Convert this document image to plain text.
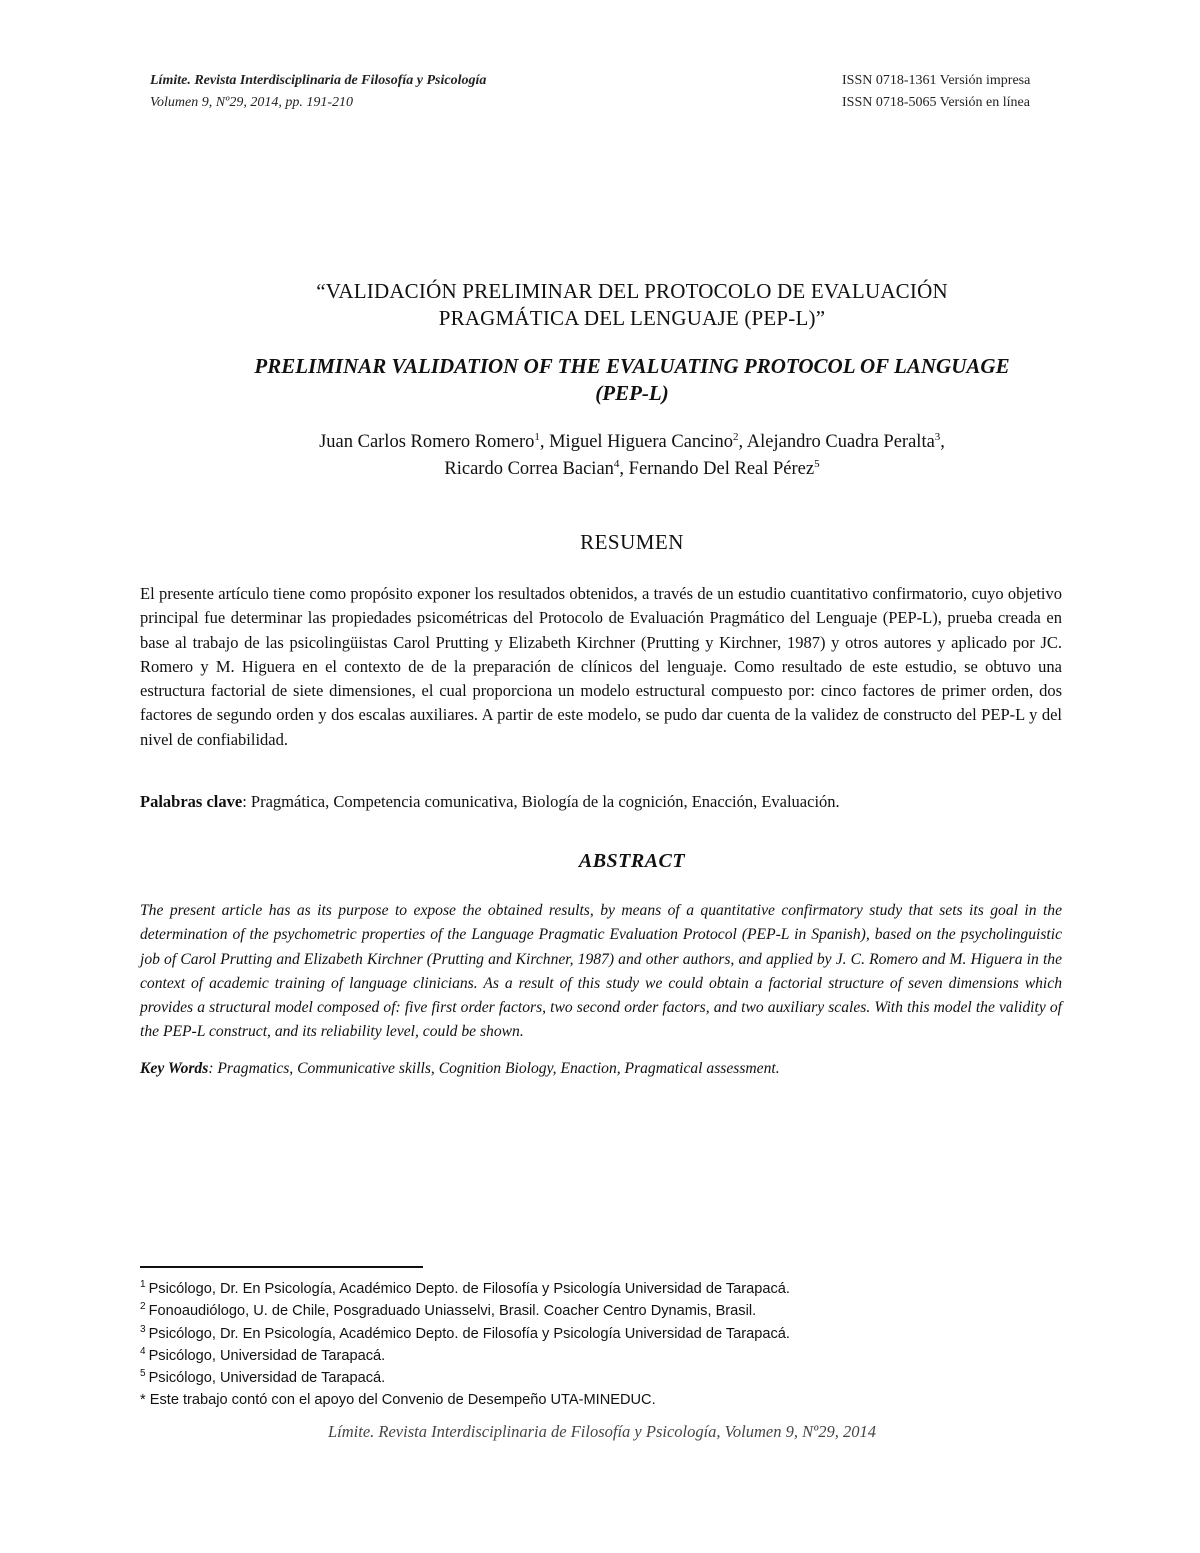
Límite. Revista Interdisciplinaria de Filosofía y Psicología
Volumen 9, Nº29, 2014, pp. 191-210
ISSN 0718-1361 Versión impresa
ISSN 0718-5065 Versión en línea
“VALIDACIÓN PRELIMINAR DEL PROTOCOLO DE EVALUACIÓN
PRAGMÁTICA DEL LENGUAJE (PEP-L)”
PRELIMINAR VALIDATION OF THE EVALUATING PROTOCOL OF LANGUAGE
(PEP-L)
Juan Carlos Romero Romero$^1$, Miguel Higuera Cancino$^2$, Alejandro Cuadra Peralta$^3$,
Ricardo Correa Bacian$^4$, Fernando Del Real Pérez$^5$
RESUMEN
El presente artículo tiene como propósito exponer los resultados obtenidos, a través de un estudio cuantitativo confirmatorio, cuyo objetivo principal fue determinar las propiedades psicométricas del Protocolo de Evaluación Pragmático del Lenguaje (PEP-L), prueba creada en base al trabajo de las psicolingüistas Carol Prutting y Elizabeth Kirchner (Prutting y Kirchner, 1987) y otros autores y aplicado por JC. Romero y M. Higuera en el contexto de de la preparación de clínicos del lenguaje. Como resultado de este estudio, se obtuvo una estructura factorial de siete dimensiones, el cual proporciona un modelo estructural compuesto por: cinco factores de primer orden, dos factores de segundo orden y dos escalas auxiliares. A partir de este modelo, se pudo dar cuenta de la validez de constructo del PEP-L y del nivel de confiabilidad.
Palabras clave: Pragmática, Competencia comunicativa, Biología de la cognición, Enacción, Evaluación.
ABSTRACT
The present article has as its purpose to expose the obtained results, by means of a quantitative confirmatory study that sets its goal in the determination of the psychometric properties of the Language Pragmatic Evaluation Protocol (PEP-L in Spanish), based on the psycholinguistic job of Carol Prutting and Elizabeth Kirchner (Prutting and Kirchner, 1987) and other authors, and applied by J. C. Romero and M. Higuera in the context of academic training of language clinicians. As a result of this study we could obtain a factorial structure of seven dimensions which provides a structural model composed of: five first order factors, two second order factors, and two auxiliary scales. With this model the validity of the PEP-L construct, and its reliability level, could be shown.
Key Words: Pragmatics, Communicative skills, Cognition Biology, Enaction, Pragmatical assessment.
$^1$ Psicólogo, Dr. En Psicología, Académico Depto. de Filosofía y Psicología Universidad de Tarapacá.
$^2$ Fonoaudiólogo, U. de Chile, Posgraduado Uniasselvi, Brasil. Coacher Centro Dynamis, Brasil.
$^3$ Psicólogo, Dr. En Psicología, Académico Depto. de Filosofía y Psicología Universidad de Tarapacá.
$^4$ Psicólogo, Universidad de Tarapacá.
$^5$ Psicólogo, Universidad de Tarapacá.
* Este trabajo contó con el apoyo del Convenio de Desempeño UTA-MINEDUC.
Límite. Revista Interdisciplinaria de Filosofía y Psicología, Volumen 9, Nº29, 2014
